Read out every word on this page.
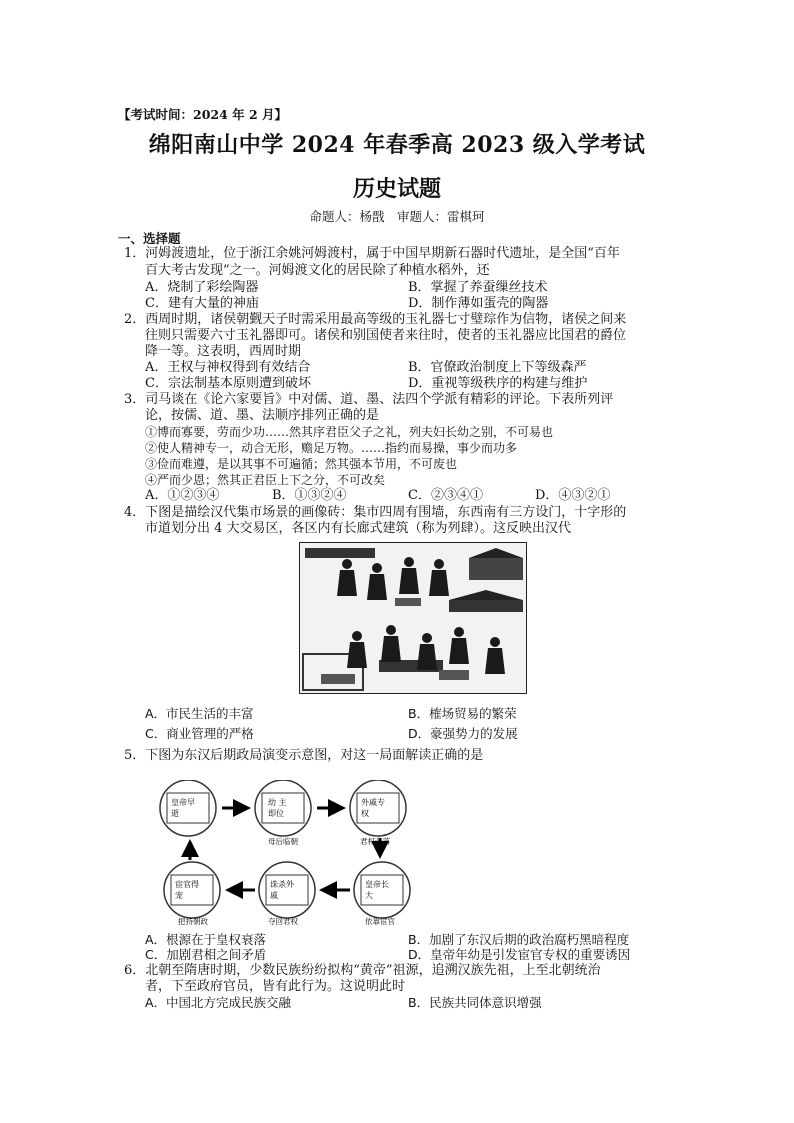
【考试时间：2024 年 2 月】
绵阳南山中学 2024 年春季高 2023 级入学考试
历史试题
命题人：杨戬　审题人：雷棋珂
一、选择题
1．河姆渡遗址，位于浙江余姚河姆渡村，属于中国早期新石器时代遗址，是全国“百年
百大考古发现”之一。河姆渡文化的居民除了种植水稻外，还
A．烧制了彩绘陶器	B．掌握了养蚕缫丝技术
C．建有大量的神庙	D．制作薄如蛋壳的陶器
2．西周时期，诸侯朝觐天子时需采用最高等级的玉礼器七寸璧琮作为信物，诸侯之间来
往则只需要六寸玉礼器即可。诸侯和别国使者来往时，使者的玉礼器应比国君的爵位
降一等。这表明，西周时期
A．王权与神权得到有效结合	B．官僚政治制度上下等级森严
C．宗法制基本原则遭到破坏	D．重视等级秩序的构建与维护
3．司马谈在《论六家要旨》中对儒、道、墨、法四个学派有精彩的评论。下表所列评
论，按儒、道、墨、法顺序排列正确的是
①博而寡要，劳而少功……然其序君臣父子之礼，列夫妇长幼之别，不可易也
②使人精神专一，动合无形，赡足万物。……指约而易操，事少而功多
③俭而难遵，是以其事不可遍循；然其强本节用，不可废也
④严而少恩；然其正君臣上下之分，不可改矣
A．①②③④	B．①③②④	C．②③④①	D．④③②①
4．下图是描绘汉代集市场景的画像砖：集市四周有围墙，东西南有三方设门，十字形的
市道划分出 4 大交易区，各区内有长廊式建筑（称为列肆）。这反映出汉代
A．市民生活的丰富	B．榷场贸易的繁荣
C．商业管理的严格	D．豪强势力的发展
5．下图为东汉后期政局演变示意图，对这一局面解读正确的是
皇帝早
逝
幼 主
即位
外戚专
权
皇帝长
大
诛杀外
戚
宦官得
宠
母后临朝	君权旁落
依靠宦官
夺回君权
把持朝政
A．根源在于皇权衰落	B．加剧了东汉后期的政治腐朽黑暗程度
C．加剧君相之间矛盾	D．皇帝年幼是引发宦官专权的重要诱因
6．北朝至隋唐时期，少数民族纷纷拟构“黄帝”祖源，追溯汉族先祖，上至北朝统治
者，下至政府官员，皆有此行为。这说明此时
A．中国北方完成民族交融	B．民族共同体意识增强
